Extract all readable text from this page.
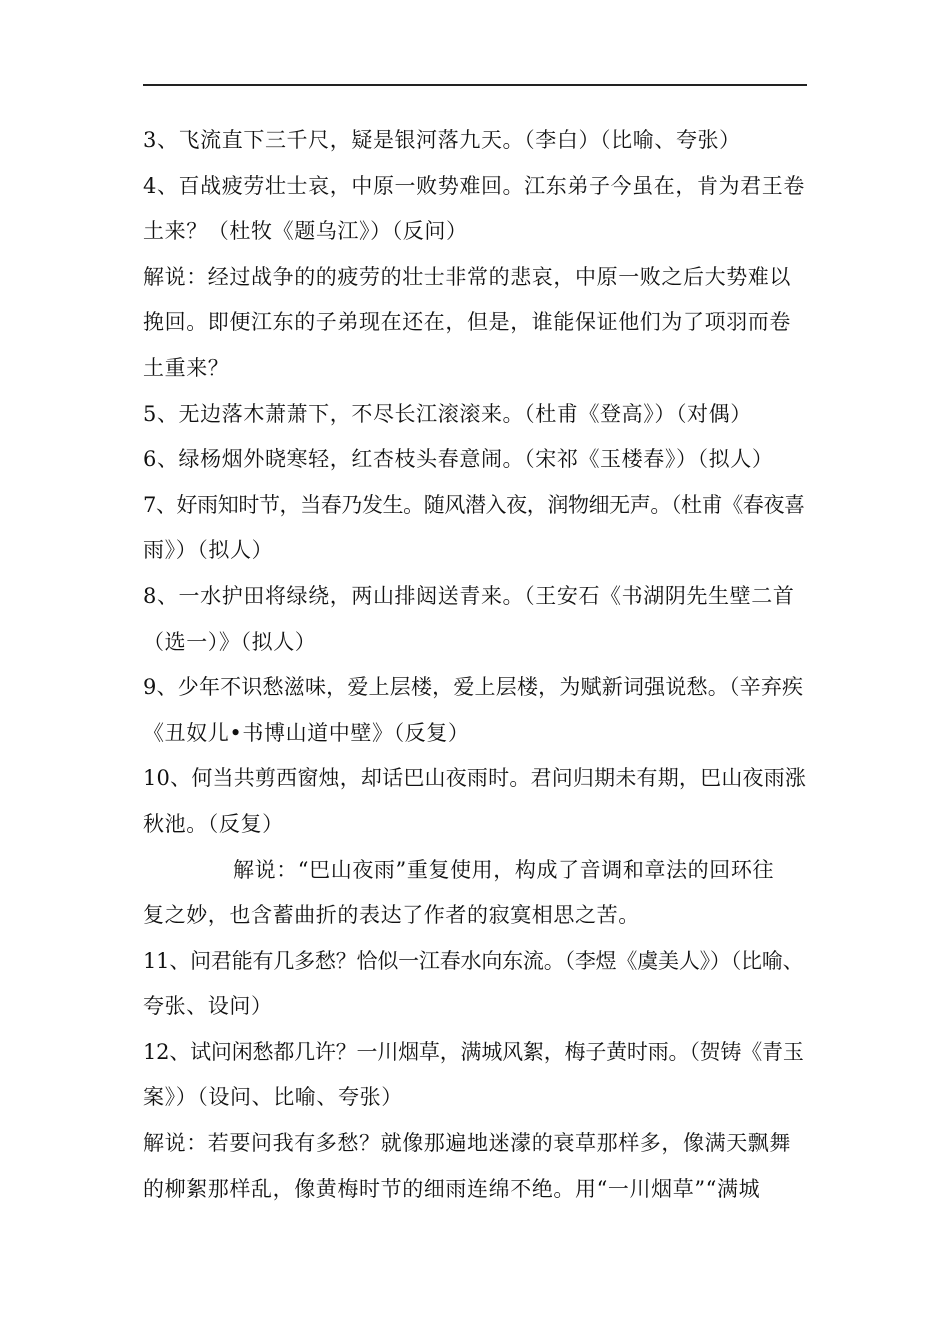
3、飞流直下三千尺，疑是银河落九天。（李白）（比喻、夸张）
4、百战疲劳壮士哀，中原一败势难回。江东弟子今虽在，肯为君王卷
土来？（杜牧《题乌江》）（反问）
解说：经过战争的的疲劳的壮士非常的悲哀，中原一败之后大势难以
挽回。即便江东的子弟现在还在，但是，谁能保证他们为了项羽而卷
土重来？
5、无边落木萧萧下，不尽长江滚滚来。（杜甫《登高》）（对偶）
6、绿杨烟外晓寒轻，红杏枝头春意闹。（宋祁《玉楼春》）（拟人）
7、好雨知时节，当春乃发生。随风潜入夜，润物细无声。（杜甫《春夜喜
雨》）（拟人）
8、一水护田将绿绕，两山排闼送青来。（王安石《书湖阴先生壁二首
（选一）》（拟人）
9、少年不识愁滋味，爱上层楼，爱上层楼，为赋新词强说愁。（辛弃疾
《丑奴儿•书博山道中壁》（反复）
10、何当共剪西窗烛，却话巴山夜雨时。君问归期未有期，巴山夜雨涨
秋池。（反复）
解说：“巴山夜雨”重复使用，构成了音调和章法的回环往
复之妙，也含蓄曲折的表达了作者的寂寞相思之苦。
11、问君能有几多愁？恰似一江春水向东流。（李煜《虞美人》）（比喻、
夸张、设问）
12、试问闲愁都几许？一川烟草，满城风絮，梅子黄时雨。（贺铸《青玉
案》）（设问、比喻、夸张）
解说：若要问我有多愁？就像那遍地迷濛的衰草那样多，像满天飘舞
的柳絮那样乱，像黄梅时节的细雨连绵不绝。用“一川烟草”“满城
